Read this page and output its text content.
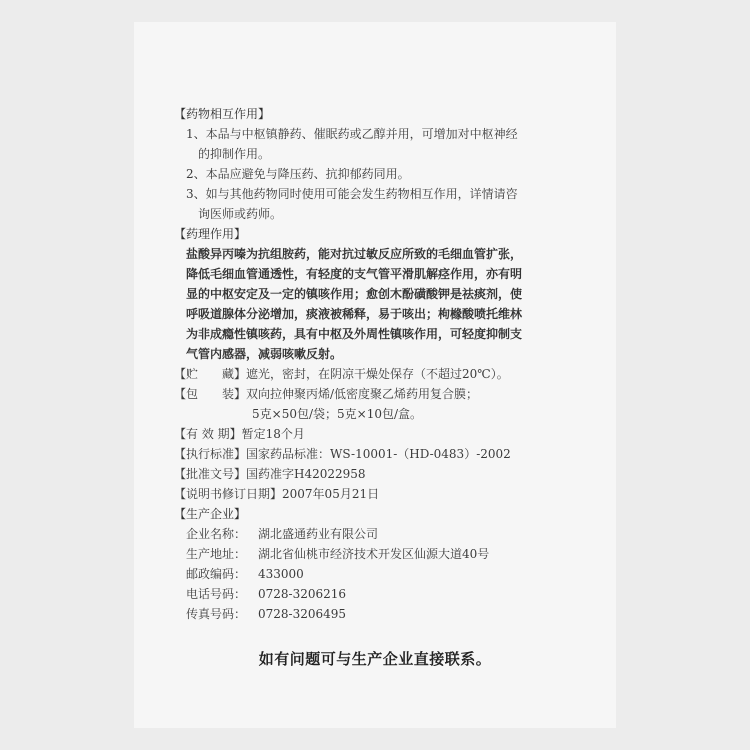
【药物相互作用】
1、本品与中枢镇静药、催眠药或乙醇并用，可增加对中枢神经
的抑制作用。
2、本品应避免与降压药、抗抑郁药同用。
3、如与其他药物同时使用可能会发生药物相互作用，详情请咨
询医师或药师。
【药理作用】
盐酸异丙嗪为抗组胺药，能对抗过敏反应所致的毛细血管扩张，
降低毛细血管通透性，有轻度的支气管平滑肌解痉作用，亦有明
显的中枢安定及一定的镇咳作用；愈创木酚磺酸钾是祛痰剂，使
呼吸道腺体分泌增加，痰液被稀释，易于咳出；枸橼酸喷托维林
为非成瘾性镇咳药，具有中枢及外周性镇咳作用，可轻度抑制支
气管内感器，减弱咳嗽反射。
【贮　　藏】遮光，密封，在阴凉干燥处保存（不超过20℃）。
【包　　装】双向拉伸聚丙烯/低密度聚乙烯药用复合膜；
5克×50包/袋；5克×10包/盒。
【有 效 期】暂定18个月
【执行标准】国家药品标准：WS-10001-（HD-0483）-2002
【批准文号】国药准字H42022958
【说明书修订日期】2007年05月21日
【生产企业】
企业名称： 湖北盛通药业有限公司
生产地址： 湖北省仙桃市经济技术开发区仙源大道40号
邮政编码： 433000
电话号码： 0728-3206216
传真号码： 0728-3206495
如有问题可与生产企业直接联系。
